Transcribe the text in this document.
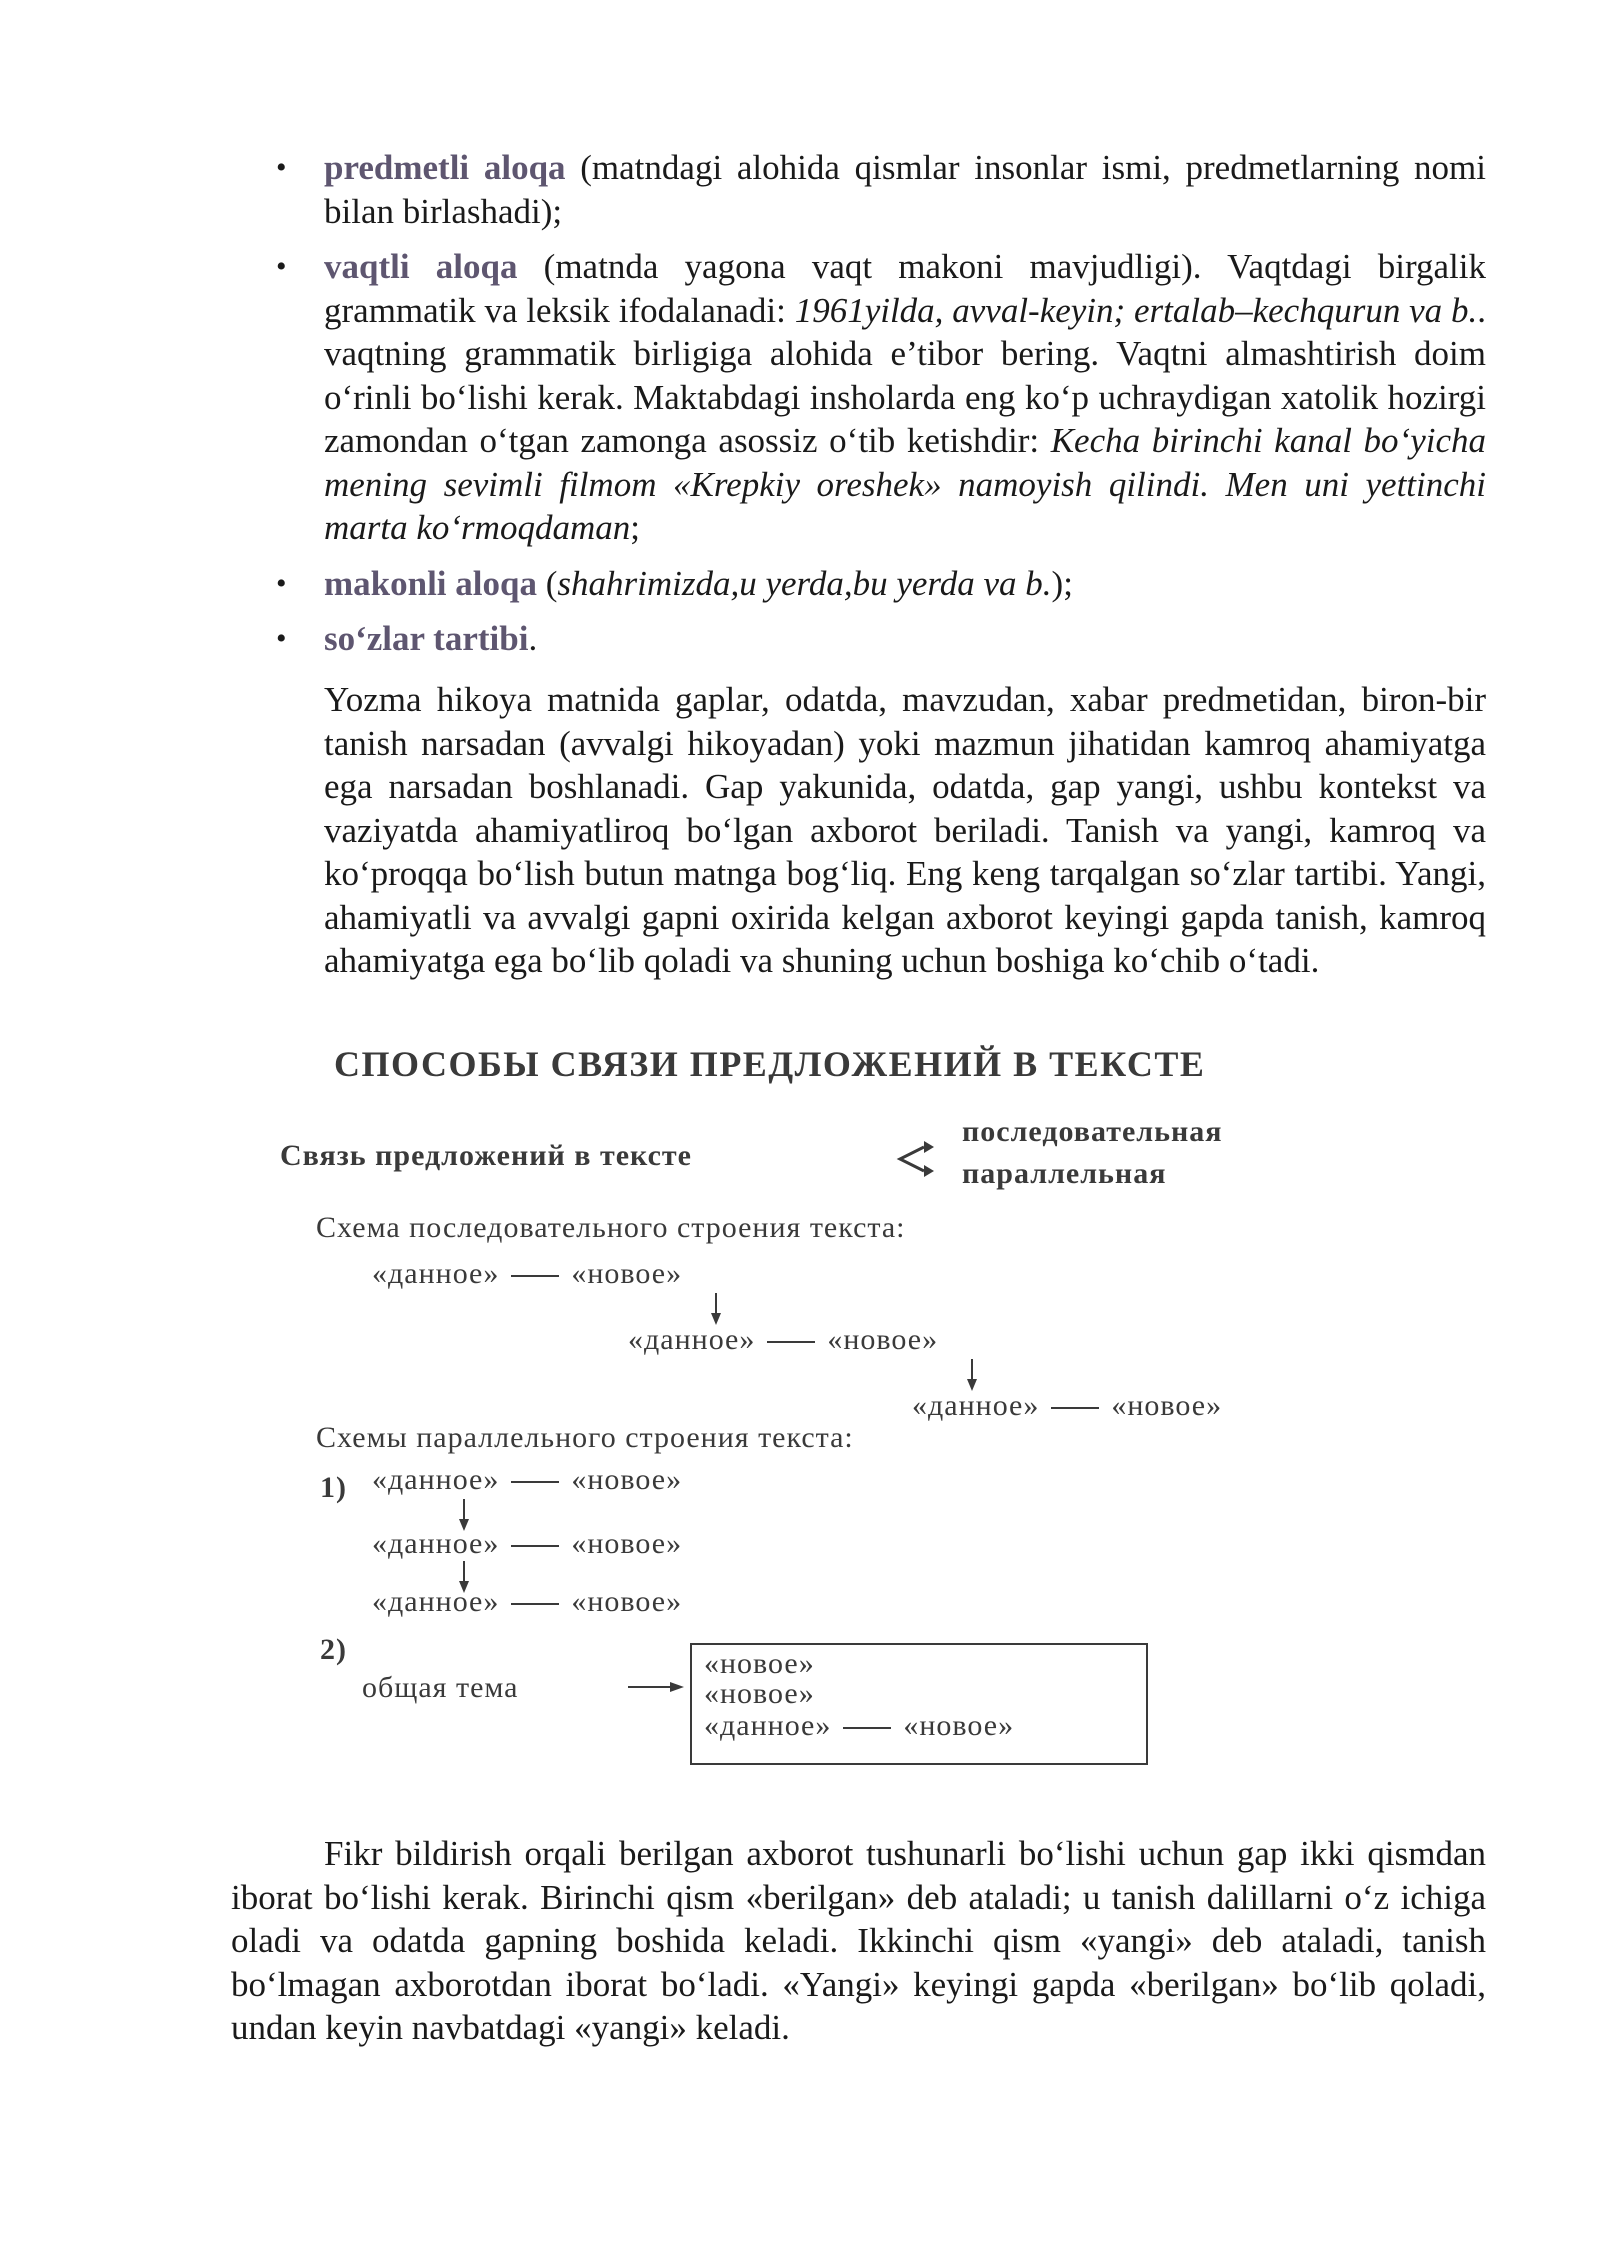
• predmetli aloqa (matndagi alohida qismlar insonlar ismi, predmetlarning nomi bilan birlashadi);
• vaqtli aloqa (matnda yagona vaqt makoni mavjudligi). Vaqtdagi birgalik grammatik va leksik ifodalanadi: 1961yilda, avval-keyin; ertalab–kechqurun va b.. vaqtning grammatik birligiga alohida e’tibor bering. Vaqtni almashtirish doim o‘rinli bo‘lishi kerak. Maktabdagi insholarda eng ko‘p uchraydigan xatolik hozirgi zamondan o‘tgan zamonga asossiz o‘tib ketishdir: Kecha birinchi kanal bo‘yicha mening sevimli filmom «Krepkiy oreshek» namoyish qilindi. Men uni yettinchi marta ko‘rmoqdaman;
• makonli aloqa (shahrimizda,u yerda,bu yerda va b.);
• so‘zlar tartibi.

Yozma hikoya matnida gaplar, odatda, mavzudan, xabar predmetidan, biron-bir tanish narsadan (avvalgi hikoyadan) yoki mazmun jihatidan kamroq ahamiyatga ega narsadan boshlanadi. Gap yakunida, odatda, gap yangi, ushbu kontekst va vaziyatda ahamiyatliroq bo‘lgan axborot beriladi. Tanish va yangi, kamroq va ko‘proqqa bo‘lish butun matnga bog‘liq. Eng keng tarqalgan so‘zlar tartibi. Yangi, ahamiyatli va avvalgi gapni oxirida kelgan axborot keyingi gapda tanish, kamroq ahamiyatga ega bo‘lib qoladi va shuning uchun boshiga ko‘chib o‘tadi.

СПОСОБЫ СВЯЗИ ПРЕДЛОЖЕНИЙ В ТЕКСТЕ
Связь предложений в тексте
последовательная
параллельная
Схема последовательного строения текста:
«данное» «новое»
«данное» «новое»
«данное» «новое»
Схемы параллельного строения текста:
1) «данное» «новое»
«данное» «новое»
«данное» «новое»
2)
общая тема
«новое»
«новое»
«данное» «новое»

Fikr bildirish orqali berilgan axborot tushunarli bo‘lishi uchun gap ikki qismdan iborat bo‘lishi kerak. Birinchi qism «berilgan» deb ataladi; u tanish dalillarni o‘z ichiga oladi va odatda gapning boshida keladi. Ikkinchi qism «yangi» deb ataladi, tanish bo‘lmagan axborotdan iborat bo‘ladi. «Yangi» keyingi gapda «berilgan» bo‘lib qoladi, undan keyin navbatdagi «yangi» keladi.
